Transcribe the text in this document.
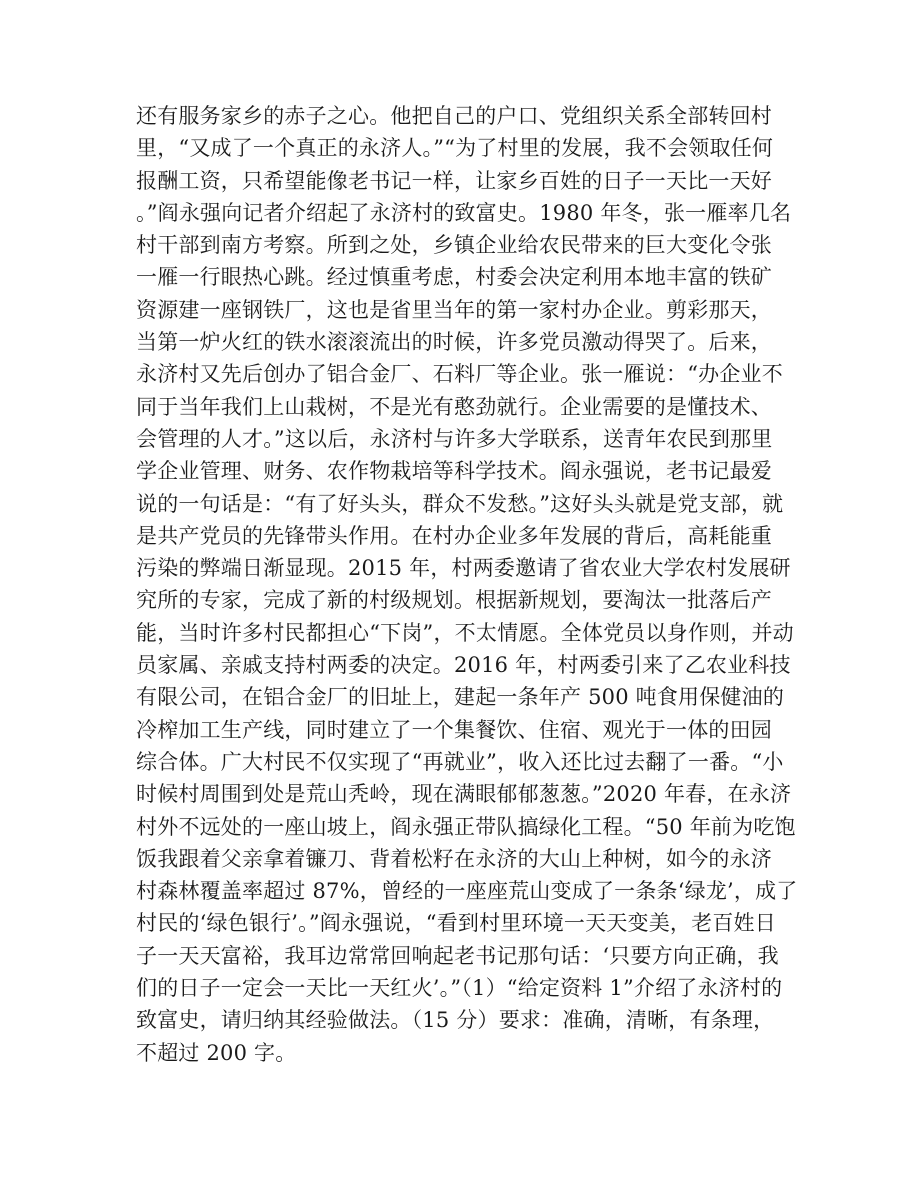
还有服务家乡的赤子之心。他把自己的户口、党组织关系全部转回村
里，“又成了一个真正的永济人。”“为了村里的发展，我不会领取任何
报酬工资，只希望能像老书记一样，让家乡百姓的日子一天比一天好
。”阎永强向记者介绍起了永济村的致富史。1980 年冬，张一雁率几名
村干部到南方考察。所到之处，乡镇企业给农民带来的巨大变化令张
一雁一行眼热心跳。经过慎重考虑，村委会决定利用本地丰富的铁矿
资源建一座钢铁厂，这也是省里当年的第一家村办企业。剪彩那天，
当第一炉火红的铁水滚滚流出的时候，许多党员激动得哭了。后来，
永济村又先后创办了铝合金厂、石料厂等企业。张一雁说：“办企业不
同于当年我们上山栽树，不是光有憨劲就行。企业需要的是懂技术、
会管理的人才。”这以后，永济村与许多大学联系，送青年农民到那里
学企业管理、财务、农作物栽培等科学技术。阎永强说，老书记最爱
说的一句话是：“有了好头头，群众不发愁。”这好头头就是党支部，就
是共产党员的先锋带头作用。在村办企业多年发展的背后，高耗能重
污染的弊端日渐显现。2015 年，村两委邀请了省农业大学农村发展研
究所的专家，完成了新的村级规划。根据新规划，要淘汰一批落后产
能，当时许多村民都担心“下岗”，不太情愿。全体党员以身作则，并动
员家属、亲戚支持村两委的决定。2016 年，村两委引来了乙农业科技
有限公司，在铝合金厂的旧址上，建起一条年产 500 吨食用保健油的
冷榨加工生产线，同时建立了一个集餐饮、住宿、观光于一体的田园
综合体。广大村民不仅实现了“再就业”，收入还比过去翻了一番。“小
时候村周围到处是荒山秃岭，现在满眼郁郁葱葱。”2020 年春，在永济
村外不远处的一座山坡上，阎永强正带队搞绿化工程。“50 年前为吃饱
饭我跟着父亲拿着镰刀、背着松籽在永济的大山上种树，如今的永济
村森林覆盖率超过 87%，曾经的一座座荒山变成了一条条‘绿龙’，成了
村民的‘绿色银行’。”阎永强说，“看到村里环境一天天变美，老百姓日
子一天天富裕，我耳边常常回响起老书记那句话：‘只要方向正确，我
们的日子一定会一天比一天红火’。”（1）“给定资料 1”介绍了永济村的
致富史，请归纳其经验做法。（15 分）要求：准确，清晰，有条理，
不超过 200 字。
